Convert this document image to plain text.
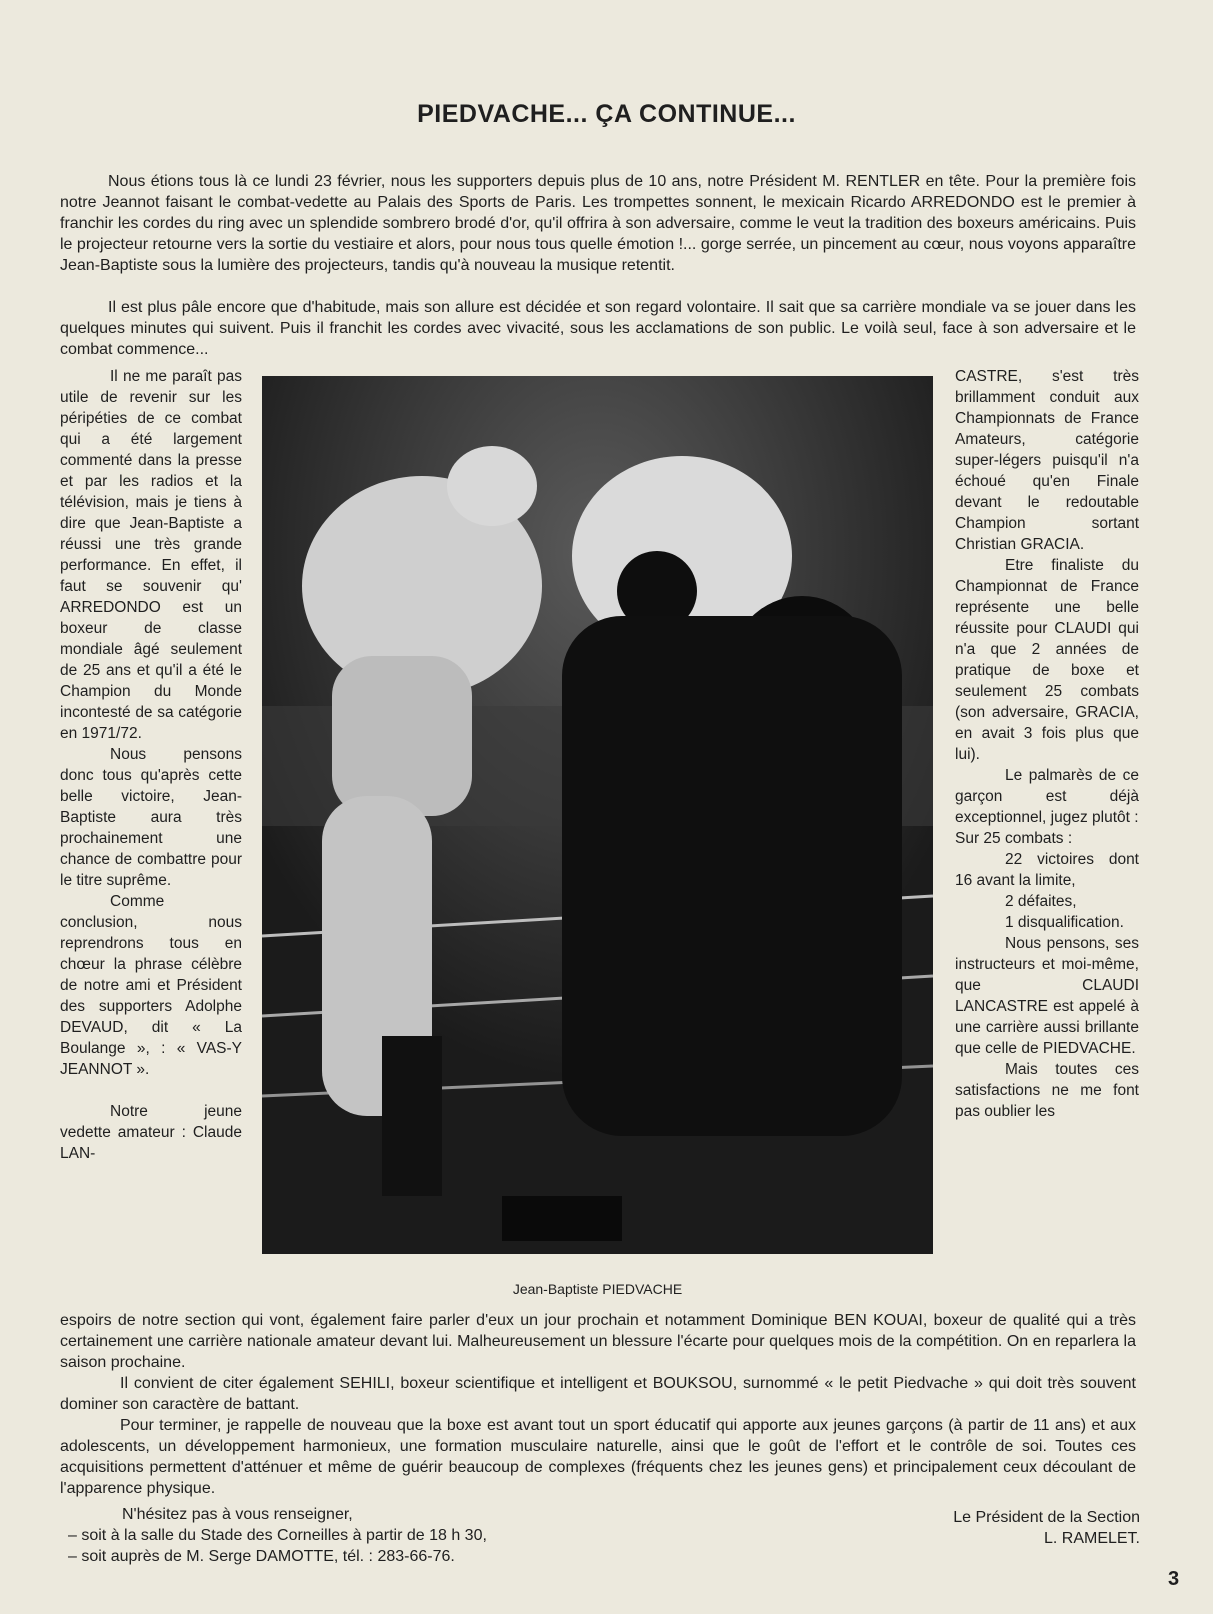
PIEDVACHE... ÇA CONTINUE...
Nous étions tous là ce lundi 23 février, nous les supporters depuis plus de 10 ans, notre Président M. RENTLER en tête. Pour la première fois notre Jeannot faisant le combat-vedette au Palais des Sports de Paris. Les trompettes sonnent, le mexicain Ricardo ARREDONDO est le premier à franchir les cordes du ring avec un splendide sombrero brodé d'or, qu'il offrira à son adversaire, comme le veut la tradition des boxeurs américains. Puis le projecteur retourne vers la sortie du vestiaire et alors, pour nous tous quelle émotion !... gorge serrée, un pincement au cœur, nous voyons apparaître Jean-Baptiste sous la lumière des projecteurs, tandis qu'à nouveau la musique retentit.
Il est plus pâle encore que d'habitude, mais son allure est décidée et son regard volontaire. Il sait que sa carrière mondiale va se jouer dans les quelques minutes qui suivent. Puis il franchit les cordes avec vivacité, sous les acclamations de son public. Le voilà seul, face à son adversaire et le combat commence...

Il ne me paraît pas utile de revenir sur les péripéties de ce combat qui a été largement commenté dans la presse et par les radios et la télévision, mais je tiens à dire que Jean-Baptiste a réussi une très grande performance. En effet, il faut se souvenir qu' ARREDONDO est un boxeur de classe mondiale âgé seulement de 25 ans et qu'il a été le Champion du Monde incontesté de sa catégorie en 1971/72.

Nous pensons donc tous qu'après cette belle victoire, Jean-Baptiste aura très prochainement une chance de combattre pour le titre suprême.

Comme conclusion, nous reprendrons tous en chœur la phrase célèbre de notre ami et Président des supporters Adolphe DEVAUD, dit « La Boulange », : « VAS-Y JEANNOT ».

Notre jeune vedette amateur : Claude LAN-

Jean-Baptiste PIEDVACHE

CASTRE, s'est très brillamment conduit aux Championnats de France Amateurs, catégorie super-légers puisqu'il n'a échoué qu'en Finale devant le redoutable Champion sortant Christian GRACIA.

Etre finaliste du Championnat de France représente une belle réussite pour CLAUDI qui n'a que 2 années de pratique de boxe et seulement 25 combats (son adversaire, GRACIA, en avait 3 fois plus que lui).

Le palmarès de ce garçon est déjà exceptionnel, jugez plutôt :

Sur 25 combats :

22 victoires dont 16 avant la limite,

2 défaites,

1 disqualification.

Nous pensons, ses instructeurs et moi-même, que CLAUDI LANCASTRE est appelé à une carrière aussi brillante que celle de PIEDVACHE.

Mais toutes ces satisfactions ne me font pas oublier les

espoirs de notre section qui vont, également faire parler d'eux un jour prochain et notamment Dominique BEN KOUAI, boxeur de qualité qui a très certainement une carrière nationale amateur devant lui. Malheureusement un blessure l'écarte pour quelques mois de la compétition. On en reparlera la saison prochaine.

Il convient de citer également SEHILI, boxeur scientifique et intelligent et BOUKSOU, surnommé « le petit Piedvache » qui doit très souvent dominer son caractère de battant.

Pour terminer, je rappelle de nouveau que la boxe est avant tout un sport éducatif qui apporte aux jeunes garçons (à partir de 11 ans) et aux adolescents, un développement harmonieux, une formation musculaire naturelle, ainsi que le goût de l'effort et le contrôle de soi. Toutes ces acquisitions permettent d'atténuer et même de guérir beaucoup de complexes (fréquents chez les jeunes gens) et principalement ceux découlant de l'apparence physique.

N'hésitez pas à vous renseigner,
– soit à la salle du Stade des Corneilles à partir de 18 h 30,
– soit auprès de M. Serge DAMOTTE, tél. : 283-66-76.
Le Président de la Section
L. RAMELET.
3
